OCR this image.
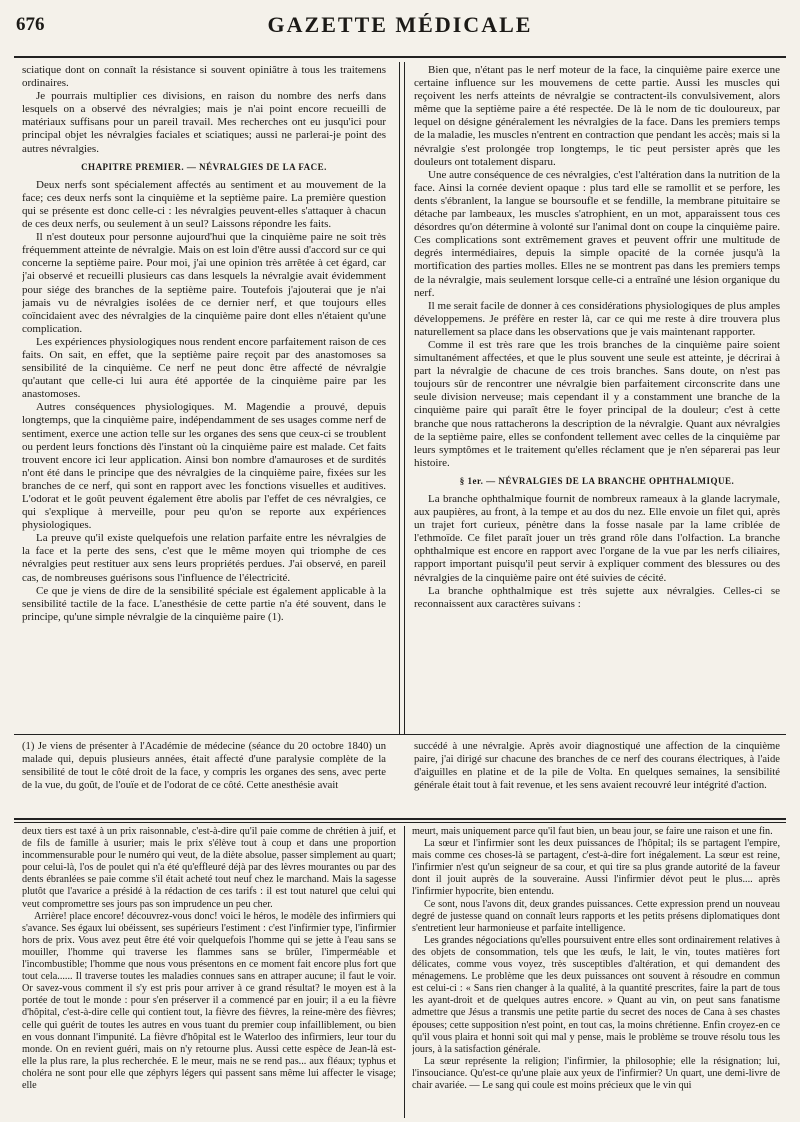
676	GAZETTE MÉDICALE

sciatique dont on connaît la résistance si souvent opiniâtre à tous les traitemens ordinaires.

Je pourrais multiplier ces divisions, en raison du nombre des nerfs dans lesquels on a observé des névralgies; mais je n'ai point encore recueilli de matériaux suffisans pour un pareil travail. Mes recherches ont eu jusqu'ici pour principal objet les névralgies faciales et sciatiques; aussi ne parlerai-je point des autres névralgies.

CHAPITRE PREMIER. — NÉVRALGIES DE LA FACE.

Deux nerfs sont spécialement affectés au sentiment et au mouvement de la face; ces deux nerfs sont la cinquième et la septième paire. La première question qui se présente est donc celle-ci : les névralgies peuvent-elles s'attaquer à chacun de ces deux nerfs, ou seulement à un seul? Laissons répondre les faits.

Il n'est douteux pour personne aujourd'hui que la cinquième paire ne soit très fréquemment atteinte de névralgie. Mais on est loin d'être aussi d'accord sur ce qui concerne la septième paire. Pour moi, j'ai une opinion très arrêtée à cet égard, car j'ai observé et recueilli plusieurs cas dans lesquels la névralgie avait évidemment pour siége des branches de la septième paire. Toutefois j'ajouterai que je n'ai jamais vu de névralgies isolées de ce dernier nerf, et que toujours elles coïncidaient avec des névralgies de la cinquième paire dont elles n'étaient qu'une complication.

Les expériences physiologiques nous rendent encore parfaitement raison de ces faits. On sait, en effet, que la septième paire reçoit par des anastomoses sa sensibilité de la cinquième. Ce nerf ne peut donc être affecté de névralgie qu'autant que celle-ci lui aura été apportée de la cinquième paire par les anastomoses.

Autres conséquences physiologiques. M. Magendie a prouvé, depuis longtemps, que la cinquième paire, indépendamment de ses usages comme nerf de sentiment, exerce une action telle sur les organes des sens que ceux-ci se troublent ou perdent leurs fonctions dès l'instant où la cinquième paire est malade. Cet faits trouvent encore ici leur application. Ainsi bon nombre d'amauroses et de surdités n'ont été dans le principe que des névralgies de la cinquième paire, fixées sur les branches de ce nerf, qui sont en rapport avec les fonctions visuelles et auditives. L'odorat et le goût peuvent également être abolis par l'effet de ces névralgies, ce qui s'explique à merveille, pour peu qu'on se reporte aux expériences physiologiques.

La preuve qu'il existe quelquefois une relation parfaite entre les névralgies de la face et la perte des sens, c'est que le même moyen qui triomphe de ces névralgies peut restituer aux sens leurs propriétés perdues. J'ai observé, en pareil cas, de nombreuses guérisons sous l'influence de l'électricité.

Ce que je viens de dire de la sensibilité spéciale est également applicable à la sensibilité tactile de la face. L'anesthésie de cette partie n'a été souvent, dans le principe, qu'une simple névralgie de la cinquième paire (1).

Bien que, n'étant pas le nerf moteur de la face, la cinquième paire exerce une certaine influence sur les mouvemens de cette partie. Aussi les muscles qui reçoivent les nerfs atteints de névralgie se contractent-ils convulsivement, alors même que la septième paire a été respectée. De là le nom de tic douloureux, par lequel on désigne généralement les névralgies de la face. Dans les premiers temps de la maladie, les muscles n'entrent en contraction que pendant les accès; mais si la névralgie s'est prolongée trop longtemps, le tic peut persister après que les douleurs ont totalement disparu.

Une autre conséquence de ces névralgies, c'est l'altération dans la nutrition de la face. Ainsi la cornée devient opaque : plus tard elle se ramollit et se perfore, les dents s'ébranlent, la langue se boursoufle et se fendille, la membrane pituitaire se détache par lambeaux, les muscles s'atrophient, en un mot, apparaissent tous ces désordres qu'on détermine à volonté sur l'animal dont on coupe la cinquième paire. Ces complications sont extrêmement graves et peuvent offrir une multitude de degrés intermédiaires, depuis la simple opacité de la cornée jusqu'à la mortification des parties molles. Elles ne se montrent pas dans les premiers temps de la névralgie, mais seulement lorsque celle-ci a entraîné une lésion organique du nerf.

Il me serait facile de donner à ces considérations physiologiques de plus amples développemens. Je préfère en rester là, car ce qui me reste à dire trouvera plus naturellement sa place dans les observations que je vais maintenant rapporter.

Comme il est très rare que les trois branches de la cinquième paire soient simultanément affectées, et que le plus souvent une seule est atteinte, je décrirai à part la névralgie de chacune de ces trois branches. Sans doute, on n'est pas toujours sûr de rencontrer une névralgie bien parfaitement circonscrite dans une seule division nerveuse; mais cependant il y a constamment une branche de la cinquième paire qui paraît être le foyer principal de la douleur; c'est à cette branche que nous rattacherons la description de la névralgie. Quant aux névralgies de la septième paire, elles se confondent tellement avec celles de la cinquième par leurs symptômes et le traitement qu'elles réclament que je n'en séparerai pas leur histoire.

§ 1er. — NÉVRALGIES DE LA BRANCHE OPHTHALMIQUE.

La branche ophthalmique fournit de nombreux rameaux à la glande lacrymale, aux paupières, au front, à la tempe et au dos du nez. Elle envoie un filet qui, après un trajet fort curieux, pénètre dans la fosse nasale par la lame criblée de l'ethmoïde. Ce filet paraît jouer un très grand rôle dans l'olfaction. La branche ophthalmique est encore en rapport avec l'organe de la vue par les nerfs ciliaires, rapport important puisqu'il peut servir à expliquer comment des blessures ou des névralgies de la cinquième paire ont été suivies de cécité.

La branche ophthalmique est très sujette aux névralgies. Celles-ci se reconnaissent aux caractères suivans :

(1) Je viens de présenter à l'Académie de médecine (séance du 20 octobre 1840) un malade qui, depuis plusieurs années, était affecté d'une paralysie complète de la sensibilité de tout le côté droit de la face, y compris les organes des sens, avec perte de la vue, du goût, de l'ouïe et de l'odorat de ce côté. Cette anesthésie avait

succédé à une névralgie. Après avoir diagnostiqué une affection de la cinquième paire, j'ai dirigé sur chacune des branches de ce nerf des courans électriques, à l'aide d'aiguilles en platine et de la pile de Volta. En quelques semaines, la sensibilité générale était tout à fait revenue, et les sens avaient recouvré leur intégrité d'action.

deux tiers est taxé à un prix raisonnable, c'est-à-dire qu'il paie comme de chrétien à juif, et de fils de famille à usurier; mais le prix s'élève tout à coup et dans une proportion incommensurable pour le numéro qui veut, de la diète absolue, passer simplement au quart; pour celui-là, l'os de poulet qui n'a été qu'effleuré déjà par des lèvres mourantes ou par des dents ébranlées se paie comme s'il était acheté tout neuf chez le marchand. Mais la sagesse plutôt que l'avarice a présidé à la rédaction de ces tarifs : il est tout naturel que celui qui veut compromettre ses jours pas son imprudence un peu cher.

Arrière! place encore! découvrez-vous donc! voici le héros, le modèle des infirmiers qui s'avance. Ses égaux lui obéissent, ses supérieurs l'estiment : c'est l'infirmier type, l'infirmier hors de prix. Vous avez peut être été voir quelquefois l'homme qui se jette à l'eau sans se mouiller, l'homme qui traverse les flammes sans se brûler, l'imperméable et l'incombustible; l'homme que nous vous présentons en ce moment fait encore plus fort que tout cela...... Il traverse toutes les maladies connues sans en attraper aucune; il faut le voir. Or savez-vous comment il s'y est pris pour arriver à ce grand résultat? le moyen est à la portée de tout le monde : pour s'en préserver il a commencé par en jouir; il a eu la fièvre d'hôpital, c'est-à-dire celle qui contient tout, la fièvre des fièvres, la reine-mère des fièvres; celle qui guérit de toutes les autres en vous tuant du premier coup infailliblement, ou bien en vous donnant l'impunité. La fièvre d'hôpital est le Waterloo des infirmiers, leur tour du monde. On en revient guéri, mais on n'y retourne plus. Aussi cette espèce de Jean-là est-elle la plus rare, la plus recherchée. E le meur, mais ne se rend pas... aux fléaux; typhus et choléra ne sont pour elle que zéphyrs légers qui passent sans même lui affecter le visage; elle

meurt, mais uniquement parce qu'il faut bien, un beau jour, se faire une raison et une fin.

La sœur et l'infirmier sont les deux puissances de l'hôpital; ils se partagent l'empire, mais comme ces choses-là se partagent, c'est-à-dire fort inégalement. La sœur est reine, l'infirmier n'est qu'un seigneur de sa cour, et qui tire sa plus grande autorité de la faveur dont il jouit auprès de la souveraine. Aussi l'infirmier dévot peut le plus.... après l'infirmier hypocrite, bien entendu.

Ce sont, nous l'avons dit, deux grandes puissances. Cette expression prend un nouveau degré de justesse quand on connaît leurs rapports et les petits présens diplomatiques dont s'entretient leur harmonieuse et parfaite intelligence.

Les grandes négociations qu'elles poursuivent entre elles sont ordinairement relatives à des objets de consommation, tels que les œufs, le lait, le vin, toutes matières fort délicates, comme vous voyez, très susceptibles d'altération, et qui demandent des ménagemens. Le problème que les deux puissances ont souvent à résoudre en commun est celui-ci : « Sans rien changer à la qualité, à la quantité prescrites, faire la part de tous les ayant-droit et de quelques autres encore. » Quant au vin, on peut sans fanatisme admettre que Jésus a transmis une petite partie du secret des noces de Cana à ses chastes épouses; cette supposition n'est point, en tout cas, la moins chrétienne. Enfin croyez-en ce qu'il vous plaira et honni soit qui mal y pense, mais le problème se trouve résolu tous les jours, à la satisfaction générale.

La sœur représente la religion; l'infirmier, la philosophie; elle la résignation; lui, l'insouciance. Qu'est-ce qu'une plaie aux yeux de l'infirmier? Un quart, une demi-livre de chair avariée. — Le sang qui coule est moins précieux que le vin qui
